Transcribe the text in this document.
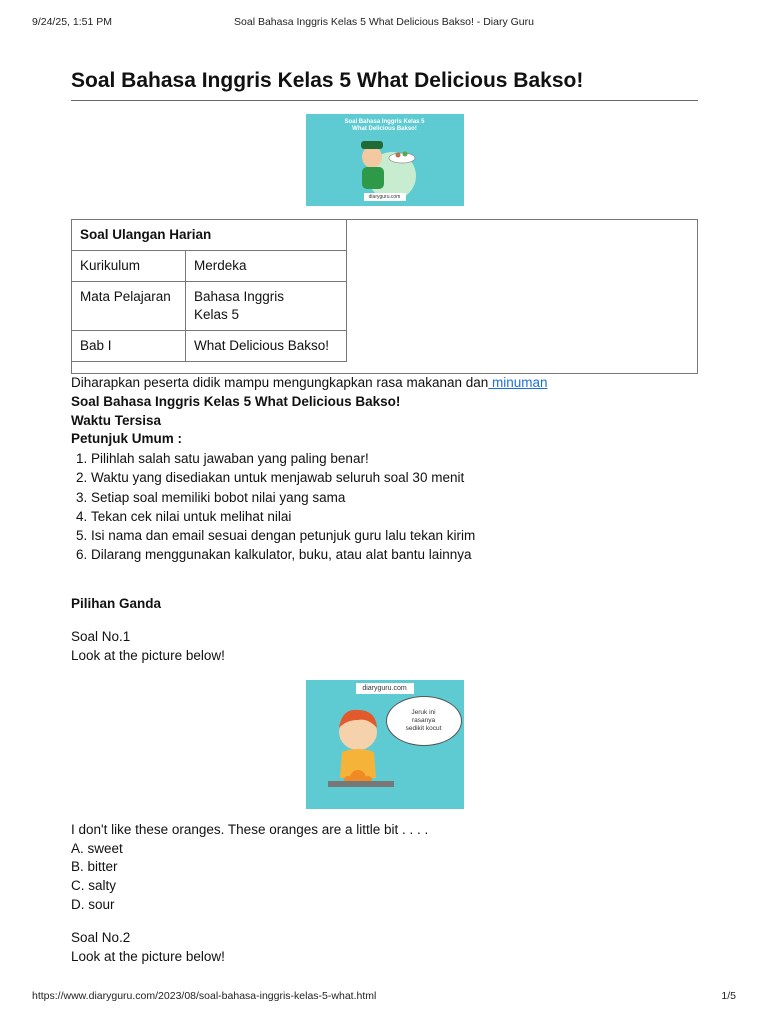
9/24/25, 1:51 PM	Soal Bahasa Inggris Kelas 5 What Delicious Bakso! - Diary Guru
Soal Bahasa Inggris Kelas 5 What Delicious Bakso!
Soal Bahasa Inggris Kelas 5
What Delicious Bakso!
diaryguru.com
Soal Ulangan Harian	
Kurikulum	Merdeka
Mata Pelajaran	Bahasa Inggris Kelas 5
Bab I	What Delicious Bakso!
Diharapkan peserta didik mampu mengungkapkan rasa makanan dan minuman
Soal Bahasa Inggris Kelas 5 What Delicious Bakso!
Waktu Tersisa
Petunjuk Umum :
1. Pilihlah salah satu jawaban yang paling benar!
2. Waktu yang disediakan untuk menjawab seluruh soal 30 menit
3. Setiap soal memiliki bobot nilai yang sama
4. Tekan cek nilai untuk melihat nilai
5. Isi nama dan email sesuai dengan petunjuk guru lalu tekan kirim
6. Dilarang menggunakan kalkulator, buku, atau alat bantu lainnya
Pilihan Ganda
Soal No.1
Look at the picture below!
diaryguru.com
Jeruk ini rasanya sedikit kocut
I don't like these oranges. These oranges are a little bit . . . .
A. sweet
B. bitter
C. salty
D. sour
Soal No.2
Look at the picture below!
https://www.diaryguru.com/2023/08/soal-bahasa-inggris-kelas-5-what.html	1/5
